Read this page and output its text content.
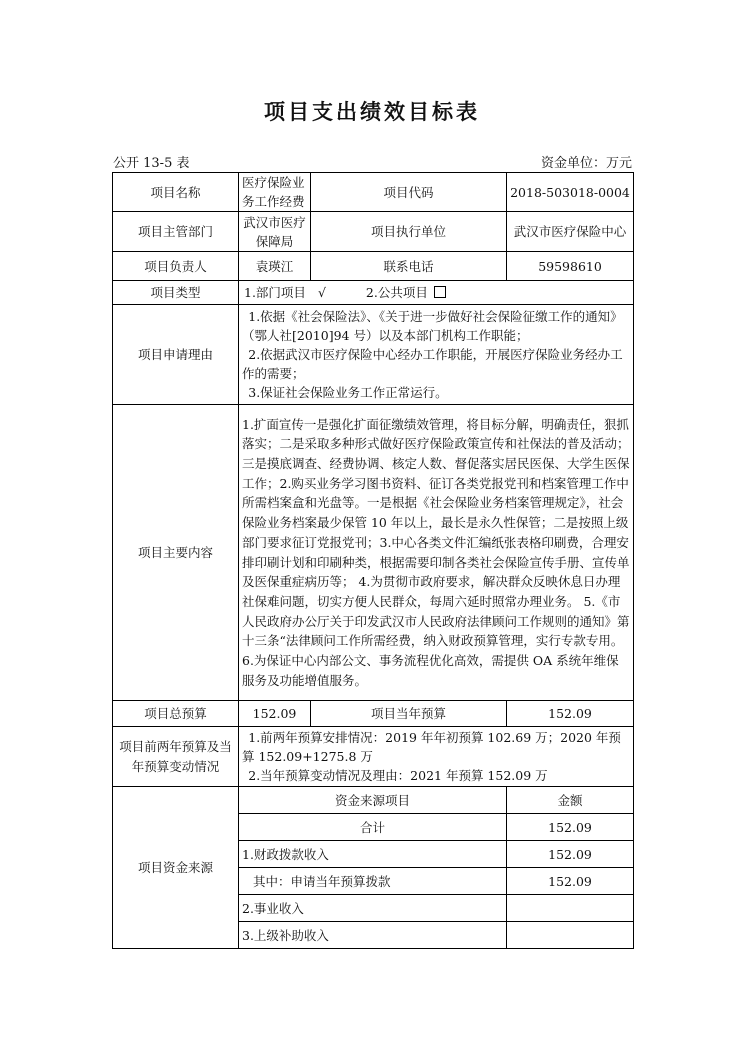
项目支出绩效目标表
公开 13-5 表	资金单位：万元
项目名称	医疗保险业务工作经费	项目代码	2018-503018-0004
项目主管部门	武汉市医疗保障局	项目执行单位	武汉市医疗保险中心
项目负责人	袁瑛江	联系电话	59598610
项目类型	1.部门项目 √ 2.公共项目		
项目申请理由	1.依据《社会保险法》、《关于进一步做好社会保险征缴工作的通知》（鄂人社[2010]94 号）以及本部门机构工作职能；
2.依据武汉市医疗保险中心经办工作职能，开展医疗保险业务经办工作的需要；
3.保证社会保险业务工作正常运行。		

项目主要内容	1.扩面宣传一是强化扩面征缴绩效管理，将目标分解，明确责任，狠抓落实；二是采取多种形式做好医疗保险政策宣传和社保法的普及活动；三是摸底调查、经费协调、核定人数、督促落实居民医保、大学生医保工作；2.购买业务学习图书资料、征订各类党报党刊和档案管理工作中所需档案盒和光盘等。一是根据《社会保险业务档案管理规定》，社会保险业务档案最少保管 10 年以上，最长是永久性保管；二是按照上级部门要求征订党报党刊；3.中心各类文件汇编纸张表格印刷费，合理安排印刷计划和印刷种类，根据需要印制各类社会保险宣传手册、宣传单及医保重症病历等； 4.为贯彻市政府要求，解决群众反映休息日办理社保难问题，切实方便人民群众，每周六延时照常办理业务。 5.《市人民政府办公厅关于印发武汉市人民政府法律顾问工作规则的通知》第十三条“法律顾问工作所需经费，纳入财政预算管理，实行专款专用。6.为保证中心内部公文、事务流程优化高效，需提供 OA 系统年维保服务及功能增值服务。		
项目总预算	152.09	项目当年预算	152.09
项目前两年预算及当年预算变动情况	1.前两年预算安排情况：2019 年年初预算 102.69 万；2020 年预算 152.09+1275.8 万
2.当年预算变动情况及理由：2021 年预算 152.09 万		

项目资金来源	资金来源项目		金额
	合计		152.09
	1.财政拨款收入		152.09
	其中：申请当年预算拨款		152.09
	2.事业收入		
	3.上级补助收入		
